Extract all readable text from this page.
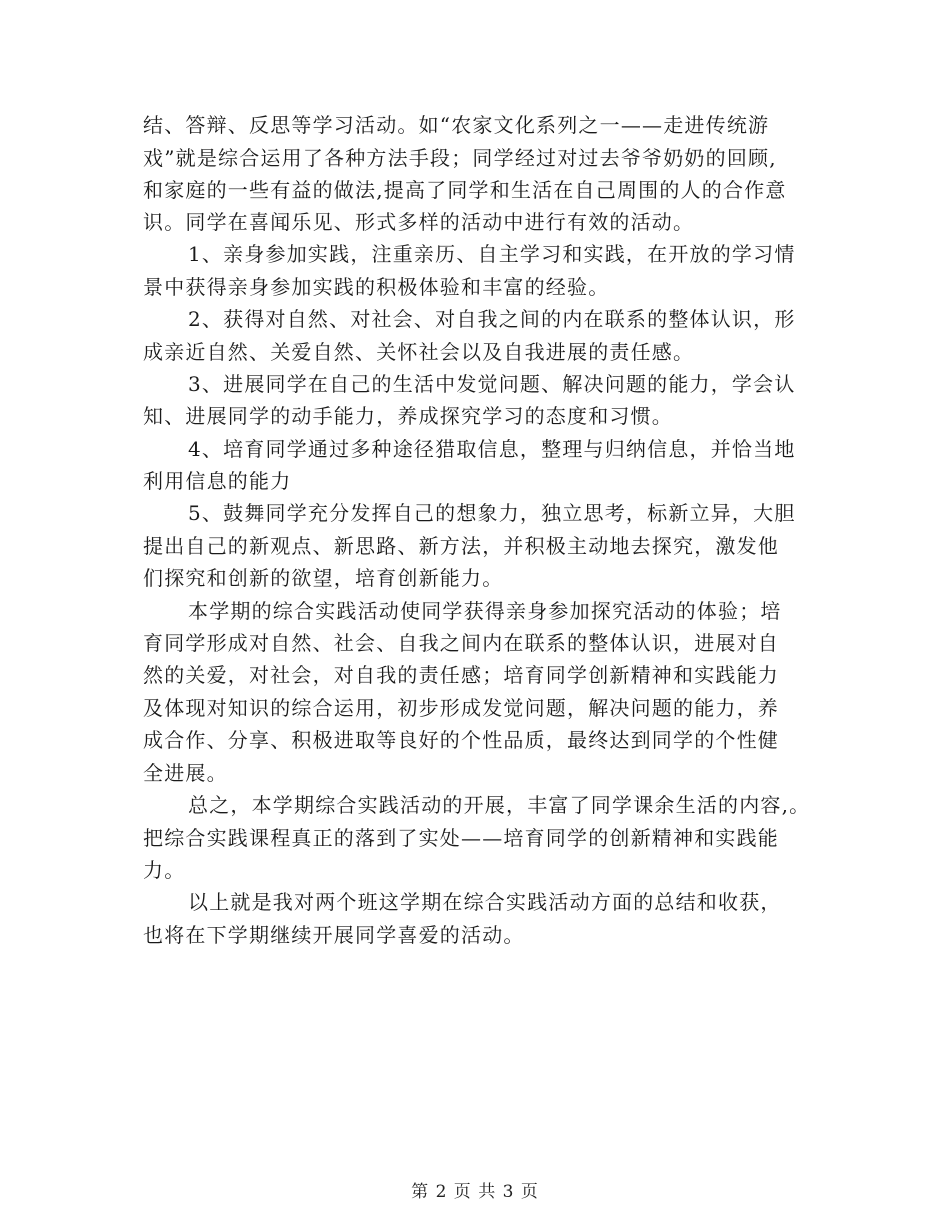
结、答辩、反思等学习活动。如“农家文化系列之一——走进传统游
戏”就是综合运用了各种方法手段；同学经过对过去爷爷奶奶的回顾,
和家庭的一些有益的做法,提高了同学和生活在自己周围的人的合作意
识。同学在喜闻乐见、形式多样的活动中进行有效的活动。
1、亲身参加实践，注重亲历、自主学习和实践，在开放的学习情
景中获得亲身参加实践的积极体验和丰富的经验。
2、获得对自然、对社会、对自我之间的内在联系的整体认识，形
成亲近自然、关爱自然、关怀社会以及自我进展的责任感。
3、进展同学在自己的生活中发觉问题、解决问题的能力，学会认
知、进展同学的动手能力，养成探究学习的态度和习惯。
4、培育同学通过多种途径猎取信息，整理与归纳信息，并恰当地
利用信息的能力
5、鼓舞同学充分发挥自己的想象力，独立思考，标新立异，大胆
提出自己的新观点、新思路、新方法，并积极主动地去探究，激发他
们探究和创新的欲望，培育创新能力。
本学期的综合实践活动使同学获得亲身参加探究活动的体验；培
育同学形成对自然、社会、自我之间内在联系的整体认识，进展对自
然的关爱，对社会，对自我的责任感；培育同学创新精神和实践能力
及体现对知识的综合运用，初步形成发觉问题，解决问题的能力，养
成合作、分享、积极进取等良好的个性品质，最终达到同学的个性健
全进展。
总之，本学期综合实践活动的开展，丰富了同学课余生活的内容,。
把综合实践课程真正的落到了实处——培育同学的创新精神和实践能
力。
以上就是我对两个班这学期在综合实践活动方面的总结和收获，
也将在下学期继续开展同学喜爱的活动。
第 2 页 共 3 页
